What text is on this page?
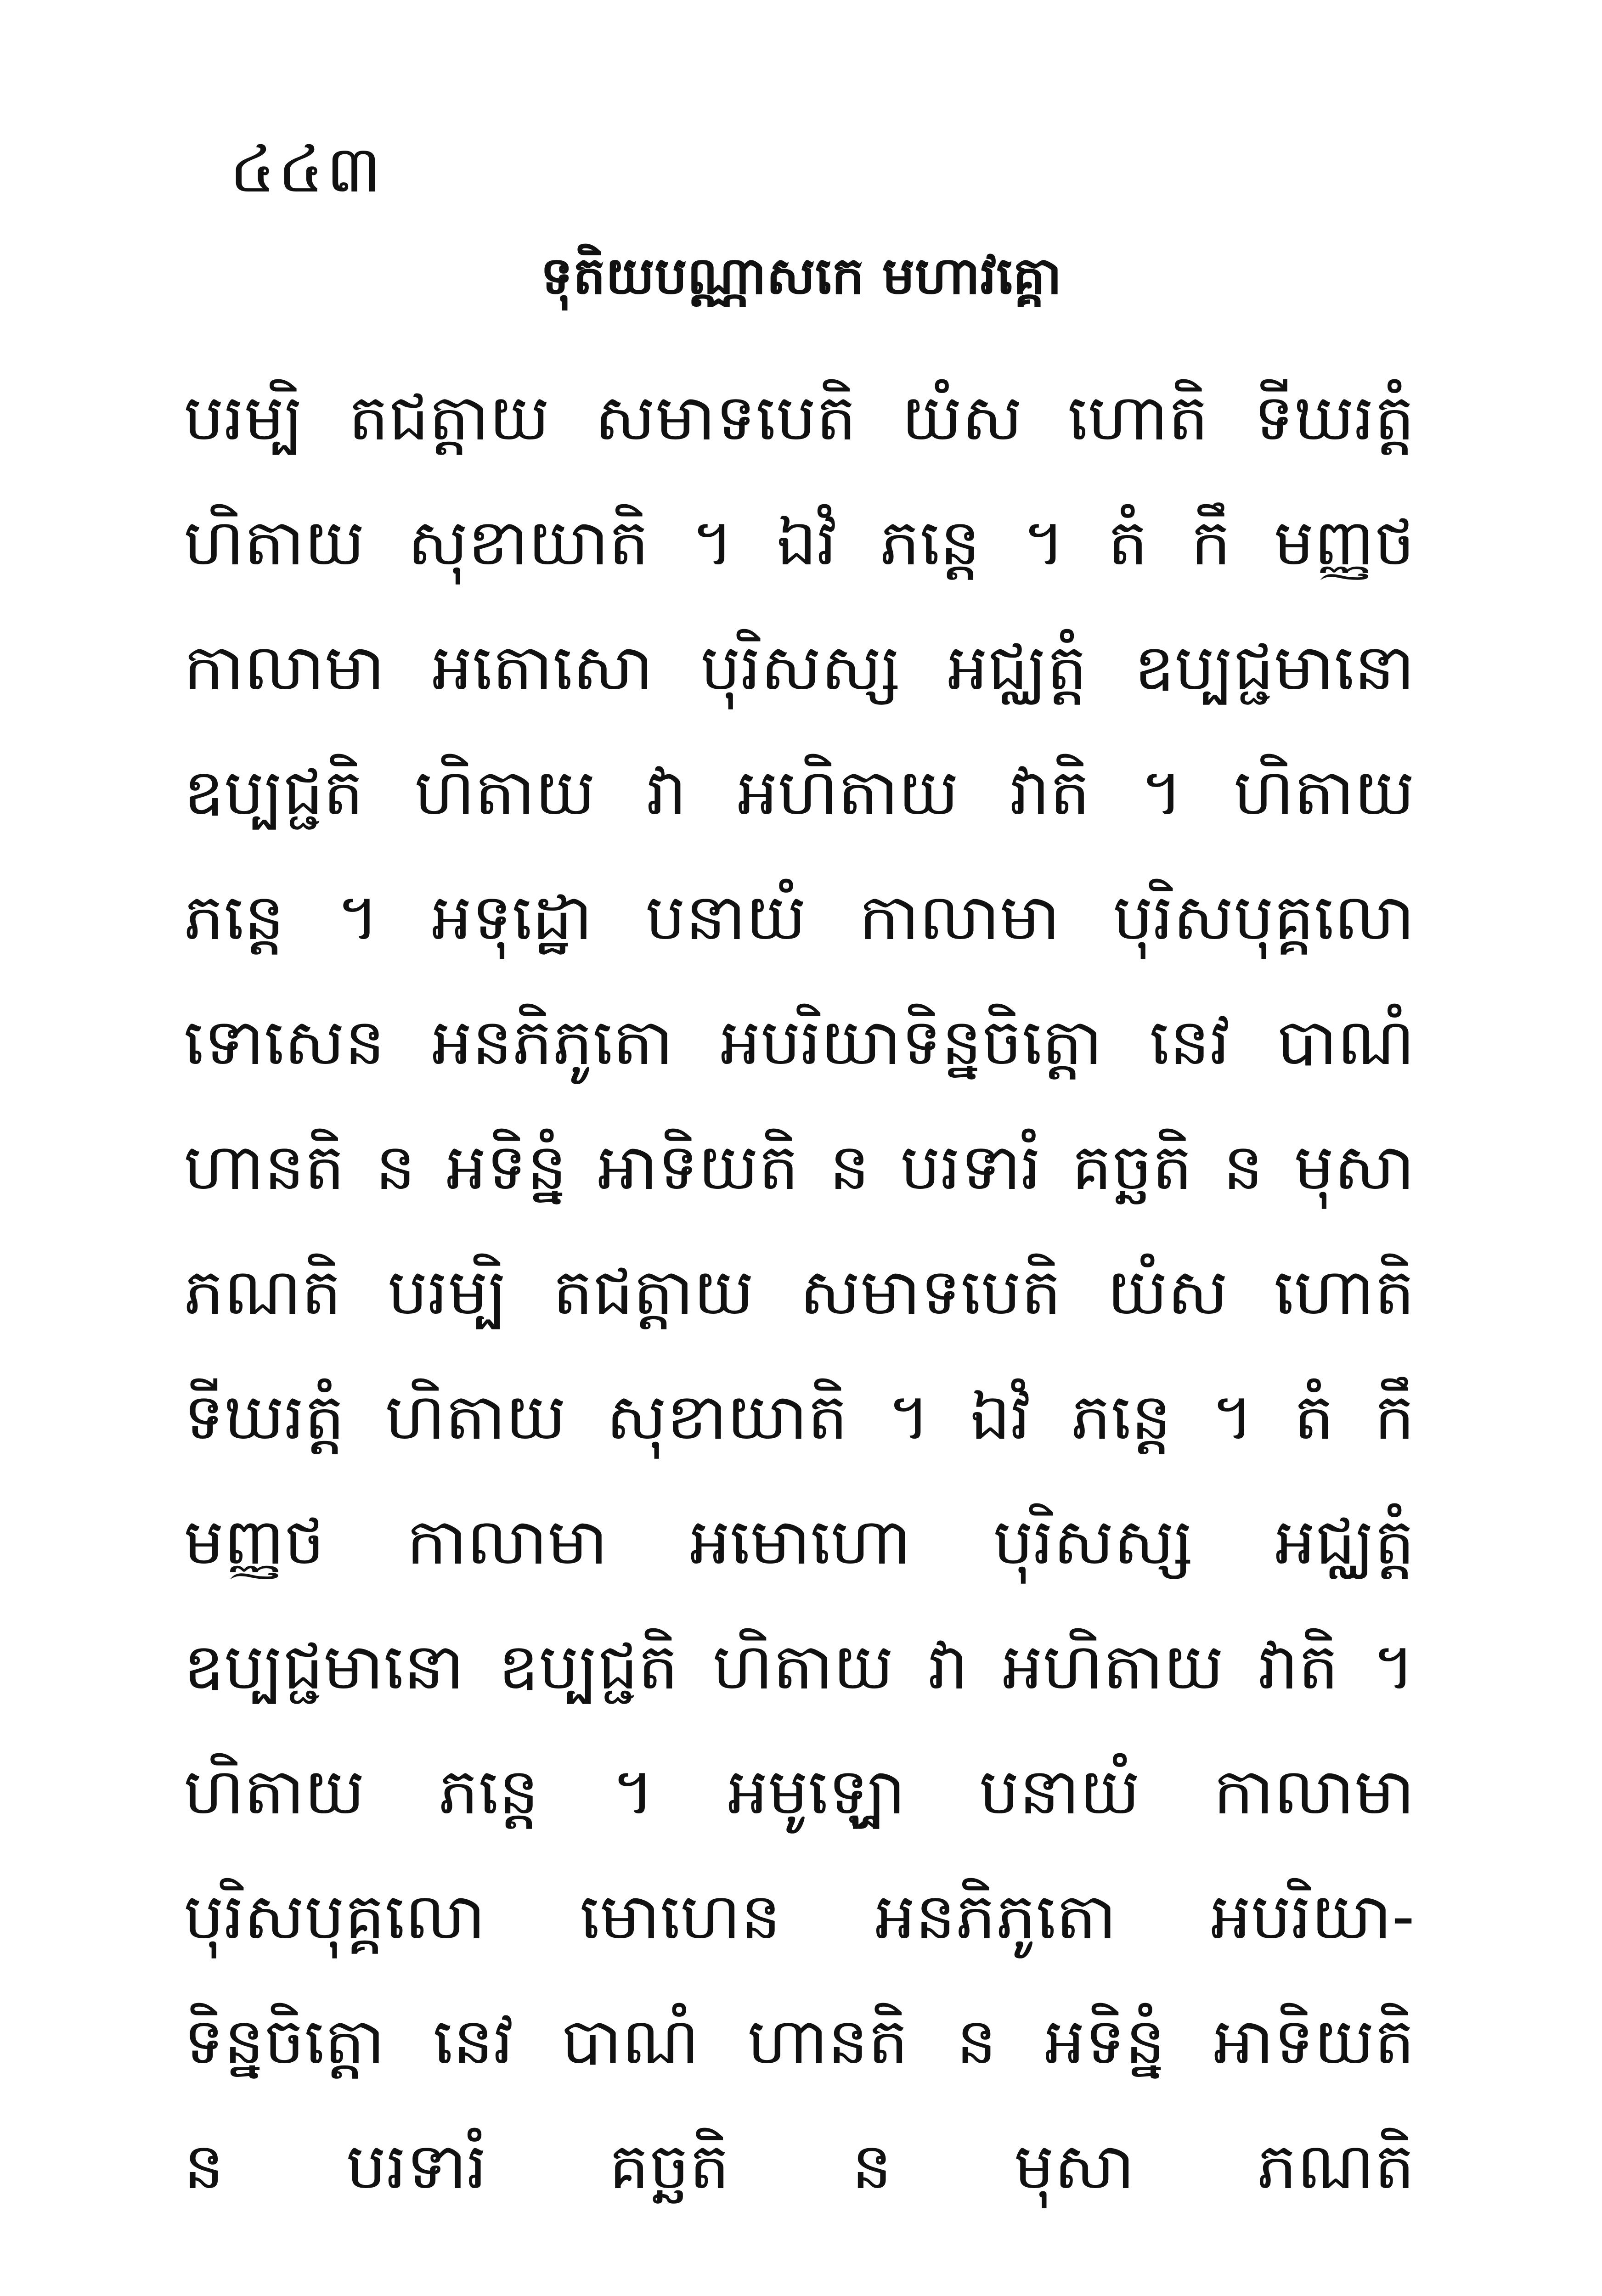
៤៤៣
ទុតិយបណ្ណាសកេ មហាវគ្គោ
បរម្បិ តជត្តាយ សមាទបេតិ យំស ហោតិ ទីឃរត្តំ
ហិតាយ សុខាយាតិ ។ ឯវំ ភន្តេ ។ តំ កឹ មញ្ញថ
កាលាមា អតោសោ បុរិសស្ស អជ្ឈត្តំ ឧប្បជ្ជមានោ
ឧប្បជ្ជតិ ហិតាយ វា អហិតាយ វាតិ ។ ហិតាយ
ភន្តេ ។ អទុដ្ឋោ បនាយំ កាលាមា បុរិសបុគ្គលោ
ទោសេន អនភិភូតោ អបរិយាទិន្នចិត្តោ នេវ បាណំ
ហានតិ ន អទិន្នំ អាទិយតិ ន បរទារំ គច្ឆតិ ន មុសា
ភណតិ បរម្បិ តជត្តាយ សមាទបេតិ យំស ហោតិ
ទីឃរត្តំ ហិតាយ សុខាយាតិ ។ ឯវំ ភន្តេ ។ តំ កឹ
មញ្ញថ កាលាមា អមោហោ បុរិសស្ស អជ្ឈត្តំ
ឧប្បជ្ជមានោ ឧប្បជ្ជតិ ហិតាយ វា អហិតាយ វាតិ ។
ហិតាយ ភន្តេ ។ អមូឡ្ហោ បនាយំ កាលាមា
បុរិសបុគ្គលោ មោហេន អនភិភូតោ អបរិយា-
ទិន្នចិត្តោ នេវ បាណំ ហានតិ ន អទិន្នំ អាទិយតិ
ន បរទារំ គច្ឆតិ ន មុសា ភណតិ
